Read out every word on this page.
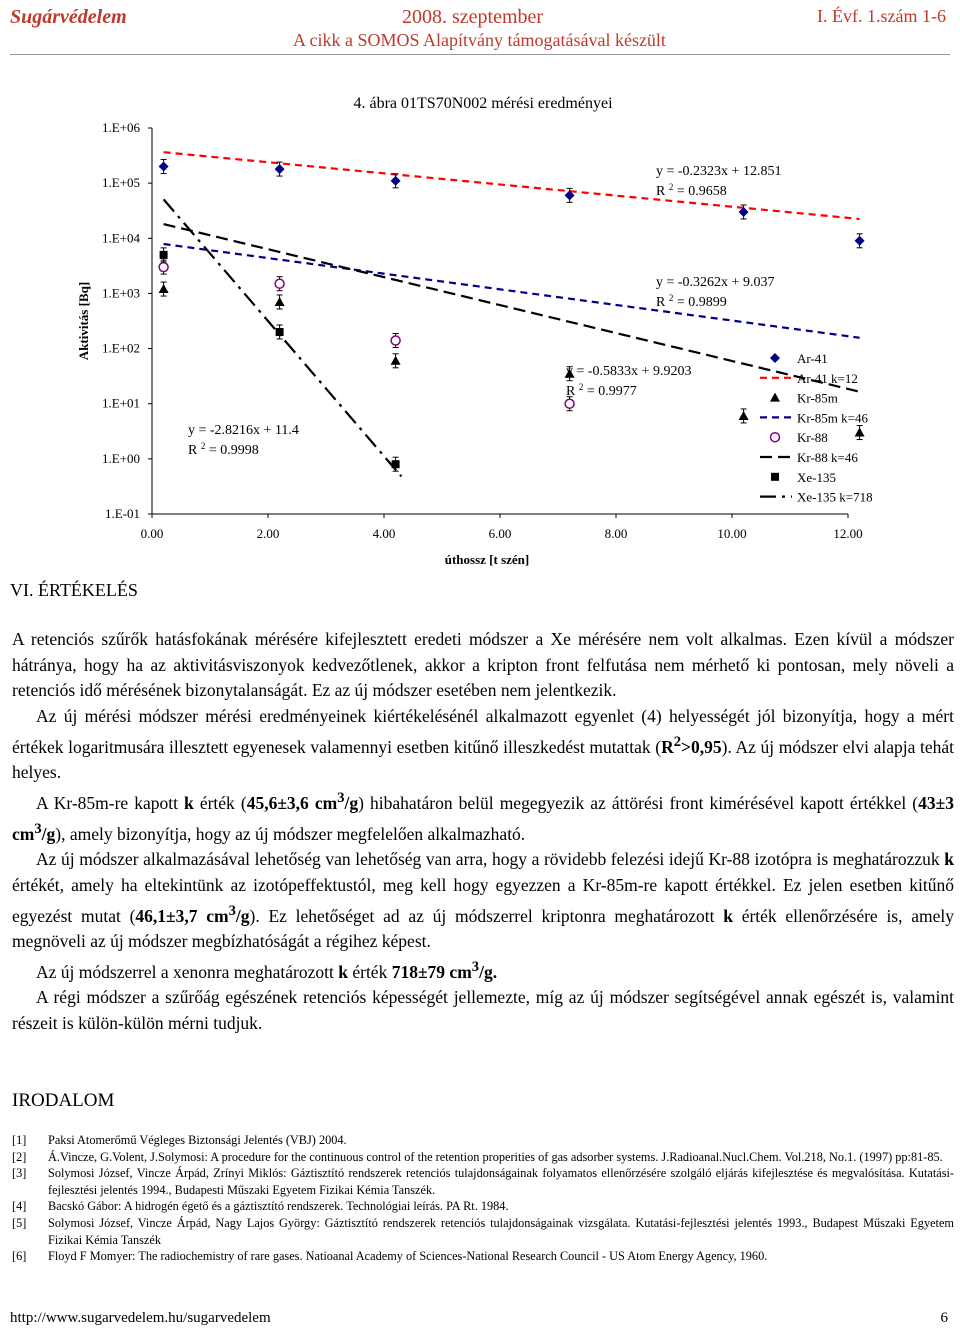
Sugárvédelem	2008. szeptember	I. Évf. 1.szám 1-6
A cikk a SOMOS Alapítvány támogatásával készült
4. ábra 01TS70N002 mérési eredményei
1.E-01
1.E+00
1.E+01
1.E+02
1.E+03
1.E+04
1.E+05
1.E+06
0.00	2.00	4.00	6.00	8.00	10.00	12.00
úthossz [t szén]
Aktivitás [Bq]
y = -0.2323x + 12.851
R $^2$ = 0.9658
y = -0.3262x + 9.037
R $^2$ = 0.9899
y = -0.5833x + 9.9203
R $^2$ = 0.9977
y = -2.8216x + 11.4
R $^2$ = 0.9998
Ar-41
Ar-41 k=12
Kr-85m
Kr-85m k=46
Kr-88
Kr-88 k=46
Xe-135
Xe-135 k=718
VI. ÉRTÉKELÉS

A retenciós szűrők hatásfokának mérésére kifejlesztett eredeti módszer a Xe mérésére nem volt alkalmas. Ezen kívül a módszer hátránya, hogy ha az aktivitásviszonyok kedvezőtlenek, akkor a kripton front felfutása nem mérhető ki pontosan, mely növeli a retenciós idő mérésének bizonytalanságát. Ez az új módszer esetében nem jelentkezik.

Az új mérési módszer mérési eredményeinek kiértékelésénél alkalmazott egyenlet (4) helyességét jól bizonyítja, hogy a mért értékek logaritmusára illesztett egyenesek valamennyi esetben kitűnő illeszkedést mutattak $(R^2>0,95)$. Az új módszer elvi alapja tehát helyes.

A Kr-85m-re kapott k érték (45,6±3,6 $cm^3/g$) hibahatáron belül megegyezik az áttörési front kimérésével kapott értékkel (43±3 $cm^3/g$), amely bizonyítja, hogy az új módszer megfelelően alkalmazható.

Az új módszer alkalmazásával lehetőség van lehetőség van arra, hogy a rövidebb felezési idejű Kr-88 izotópra is meghatározzuk k értékét, amely ha eltekintünk az izotópeffektustól, meg kell hogy egyezzen a Kr-85m-re kapott értékkel. Ez jelen esetben kitűnő egyezést mutat (46,1±3,7 $cm^3/g$). Ez lehetőséget ad az új módszerrel kriptonra meghatározott k érték ellenőrzésére is, amely megnöveli az új módszer megbízhatóságát a régihez képest.

Az új módszerrel a xenonra meghatározott k érték 718±79 $cm^3/g$.

A régi módszer a szűrőág egészének retenciós képességét jellemezte, míg az új módszer segítségével annak egészét is, valamint részeit is külön-külön mérni tudjuk.

IRODALOM
[1]	Paksi Atomerőmű Végleges Biztonsági Jelentés (VBJ) 2004.
[2]	Á.Vincze, G.Volent, J.Solymosi: A procedure for the continuous control of the retention properities of gas adsorber systems. J.Radioanal.Nucl.Chem. Vol.218, No.1. (1997) pp:81-85.
[3]	Solymosi József, Vincze Árpád, Zrínyi Miklós: Gáztisztító rendszerek retenciós tulajdonságainak folyamatos ellenőrzésére szolgáló eljárás kifejlesztése és megvalósítása. Kutatási-fejlesztési jelentés 1994., Budapesti Műszaki Egyetem Fizikai Kémia Tanszék.
[4]	Bacskó Gábor: A hidrogén égető és a gáztisztító rendszerek. Technológiai leírás. PA Rt. 1984.
[5]	Solymosi József, Vincze Árpád, Nagy Lajos György: Gáztisztító rendszerek retenciós tulajdonságainak vizsgálata. Kutatási-fejlesztési jelentés 1993., Budapest Műszaki Egyetem Fizikai Kémia Tanszék
[6]	Floyd F Momyer: The radiochemistry of rare gases. Natioanal Academy of Sciences-National Research Council - US Atom Energy Agency, 1960.
http://www.sugarvedelem.hu/sugarvedelem	6
